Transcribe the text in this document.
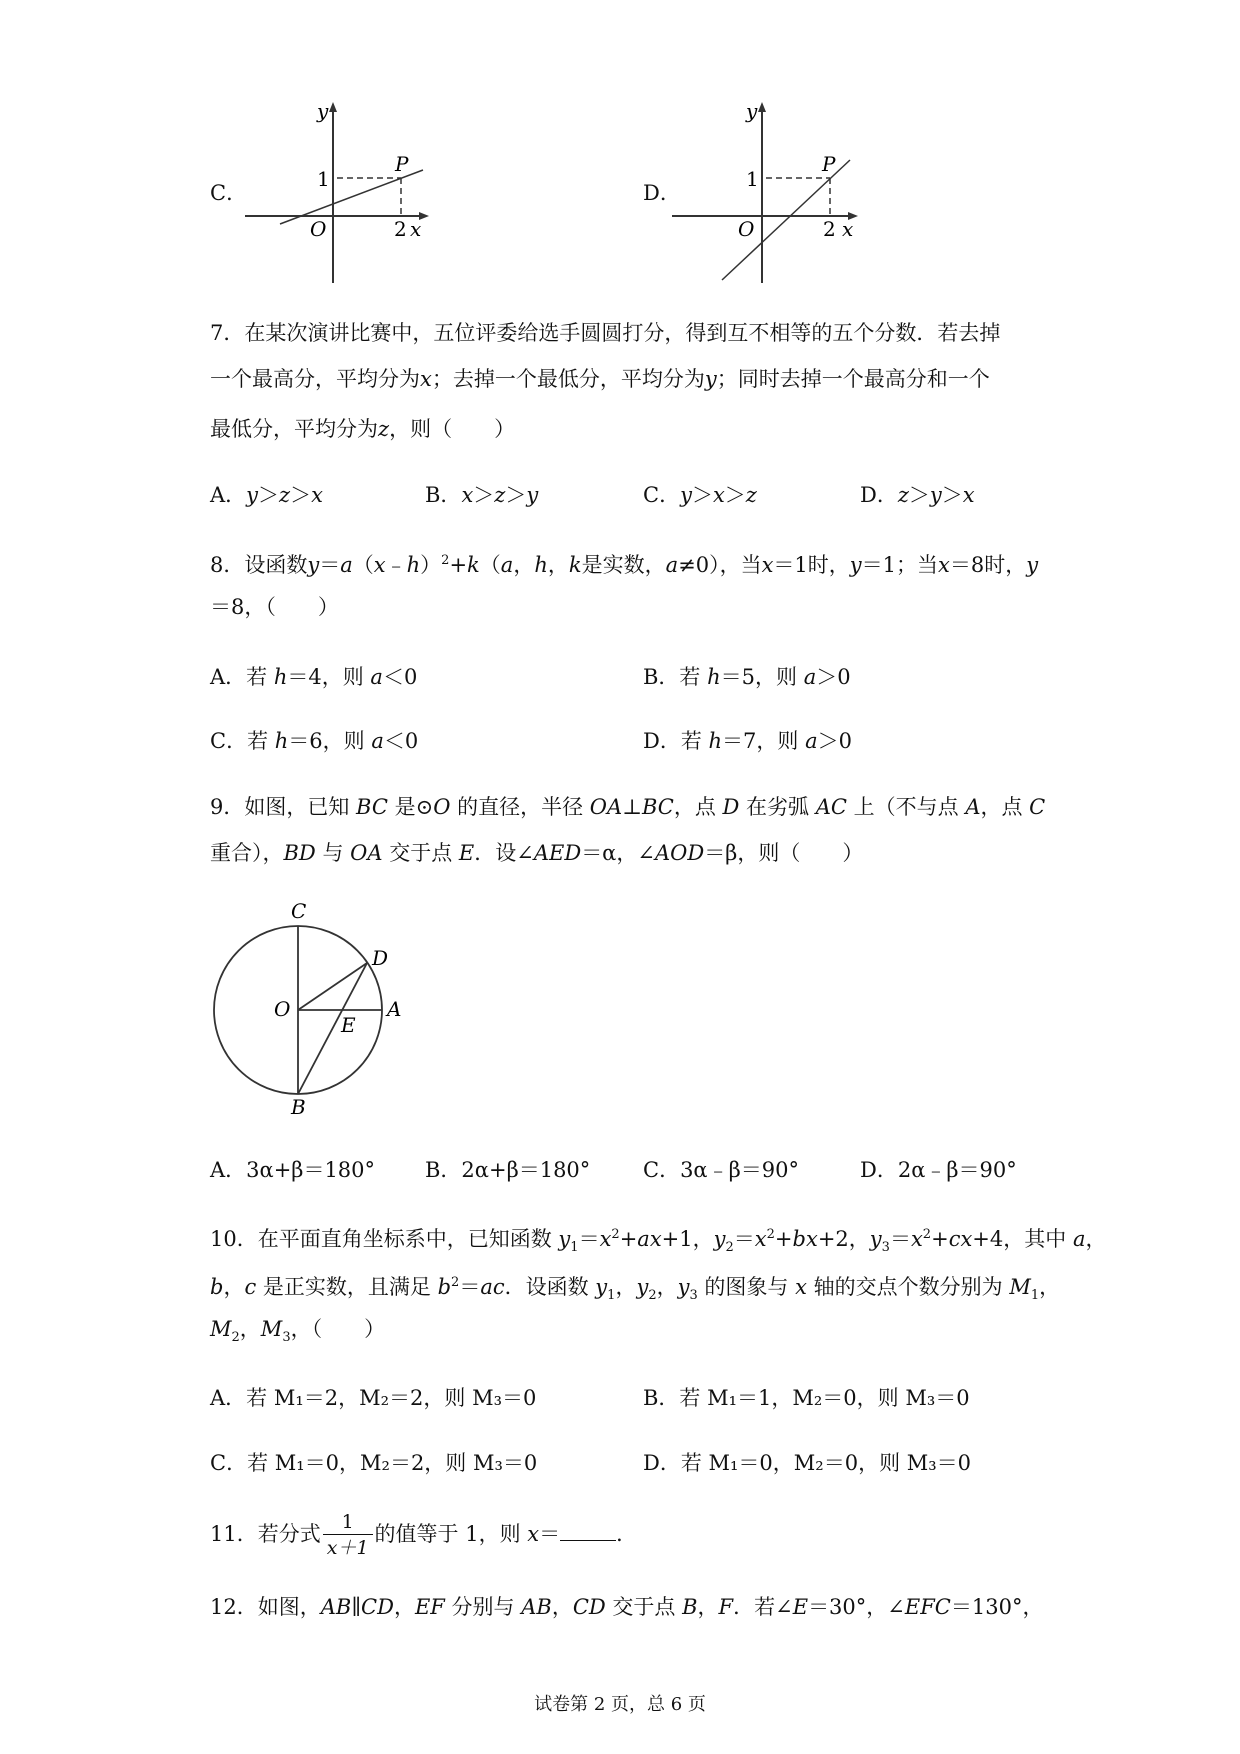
C．
y
x
O
P
1
2
D．
y
x
O
P
1
2
7．在某次演讲比赛中，五位评委给选手圆圆打分，得到互不相等的五个分数．若去掉
一个最高分，平均分为x；去掉一个最低分，平均分为y；同时去掉一个最高分和一个
最低分，平均分为z，则（　　）
A．y＞z＞x	B．x＞z＞y	C．y＞x＞z	D．z＞y＞x
8．设函数y＝a（x﹣h）$^2$+k（a，h，k是实数，a≠0），当x＝1时，y＝1；当x＝8时，y
＝8，（　　）
A．若 h＝4，则 a＜0	B．若 h＝5，则 a＞0
C．若 h＝6，则 a＜0	D．若 h＝7，则 a＞0
9．如图，已知 BC 是⊙O 的直径，半径 OA⊥BC，点 D 在劣弧 AC 上（不与点 A，点 C
重合），BD 与 OA 交于点 E．设∠AED＝α，∠AOD＝β，则（　　）
C
D
O	A
E
B
A．3α+β＝180° B．2α+β＝180°	C．3α﹣β＝90°	D．2α﹣β＝90°
10．在平面直角坐标系中，已知函数 $y_1=x^2+ax+1$，$y_2=x^2+bx+2$，$y_3=x^2+cx+4$，其中 a，
b，c 是正实数，且满足 $b^2=ac$．设函数 $y_1$，$y_2$，$y_3$ 的图象与 x 轴的交点个数分别为 $M_1$，
$M_2$，$M_3$，（　　）
A．若 M₁＝2，M₂＝2，则 M₃＝0	B．若 M₁＝1，M₂＝0，则 M₃＝0
C．若 M₁＝0，M₂＝2，则 M₃＝0	D．若 M₁＝0，M₂＝0，则 M₃＝0
11．若分式 $\frac{1}{x+1}$ 的值等于 1，则 x＝	．
12．如图，AB∥CD，EF 分别与 AB，CD 交于点 B，F．若∠E＝30°，∠EFC＝130°，
试卷第 2 页，总 6 页
